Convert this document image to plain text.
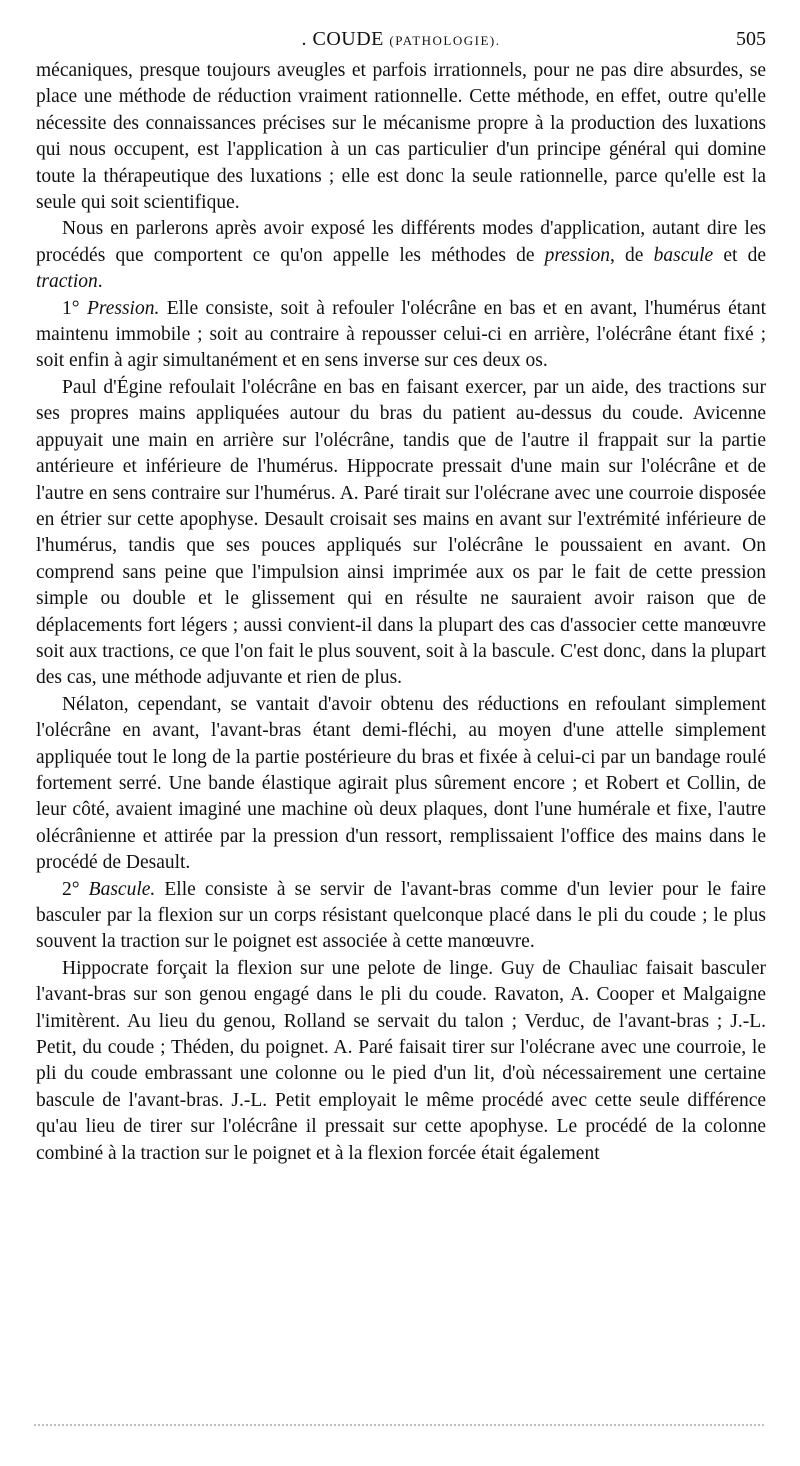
. COUDE (PATHOLOGIE).	505

mécaniques, presque toujours aveugles et parfois irrationnels, pour ne pas dire absurdes, se place une méthode de réduction vraiment rationnelle. Cette méthode, en effet, outre qu'elle nécessite des connaissances précises sur le mécanisme propre à la production des luxations qui nous occupent, est l'application à un cas particulier d'un principe général qui domine toute la thérapeutique des luxations ; elle est donc la seule rationnelle, parce qu'elle est la seule qui soit scientifique.

Nous en parlerons après avoir exposé les différents modes d'application, autant dire les procédés que comportent ce qu'on appelle les méthodes de pression, de bascule et de traction.

1° Pression. Elle consiste, soit à refouler l'olécrâne en bas et en avant, l'humérus étant maintenu immobile ; soit au contraire à repousser celui-ci en arrière, l'olécrâne étant fixé ; soit enfin à agir simultanément et en sens inverse sur ces deux os.

Paul d'Égine refoulait l'olécrâne en bas en faisant exercer, par un aide, des tractions sur ses propres mains appliquées autour du bras du patient au-dessus du coude. Avicenne appuyait une main en arrière sur l'olécrâne, tandis que de l'autre il frappait sur la partie antérieure et inférieure de l'humérus. Hippocrate pressait d'une main sur l'olécrâne et de l'autre en sens contraire sur l'humérus. A. Paré tirait sur l'olécrane avec une courroie disposée en étrier sur cette apophyse. Desault croisait ses mains en avant sur l'extrémité inférieure de l'humérus, tandis que ses pouces appliqués sur l'olécrâne le poussaient en avant. On comprend sans peine que l'impulsion ainsi imprimée aux os par le fait de cette pression simple ou double et le glissement qui en résulte ne sauraient avoir raison que de déplacements fort légers ; aussi convient-il dans la plupart des cas d'associer cette manœuvre soit aux tractions, ce que l'on fait le plus souvent, soit à la bascule. C'est donc, dans la plupart des cas, une méthode adjuvante et rien de plus.

Nélaton, cependant, se vantait d'avoir obtenu des réductions en refoulant simplement l'olécrâne en avant, l'avant-bras étant demi-fléchi, au moyen d'une attelle simplement appliquée tout le long de la partie postérieure du bras et fixée à celui-ci par un bandage roulé fortement serré. Une bande élastique agirait plus sûrement encore ; et Robert et Collin, de leur côté, avaient imaginé une machine où deux plaques, dont l'une humérale et fixe, l'autre olécrânienne et attirée par la pression d'un ressort, remplissaient l'office des mains dans le procédé de Desault.

2° Bascule. Elle consiste à se servir de l'avant-bras comme d'un levier pour le faire basculer par la flexion sur un corps résistant quelconque placé dans le pli du coude ; le plus souvent la traction sur le poignet est associée à cette manœuvre.

Hippocrate forçait la flexion sur une pelote de linge. Guy de Chauliac faisait basculer l'avant-bras sur son genou engagé dans le pli du coude. Ravaton, A. Cooper et Malgaigne l'imitèrent. Au lieu du genou, Rolland se servait du talon ; Verduc, de l'avant-bras ; J.-L. Petit, du coude ; Théden, du poignet. A. Paré faisait tirer sur l'olécrane avec une courroie, le pli du coude embrassant une colonne ou le pied d'un lit, d'où nécessairement une certaine bascule de l'avant-bras. J.-L. Petit employait le même procédé avec cette seule différence qu'au lieu de tirer sur l'olécrâne il pressait sur cette apophyse. Le procédé de la colonne combiné à la traction sur le poignet et à la flexion forcée était également
